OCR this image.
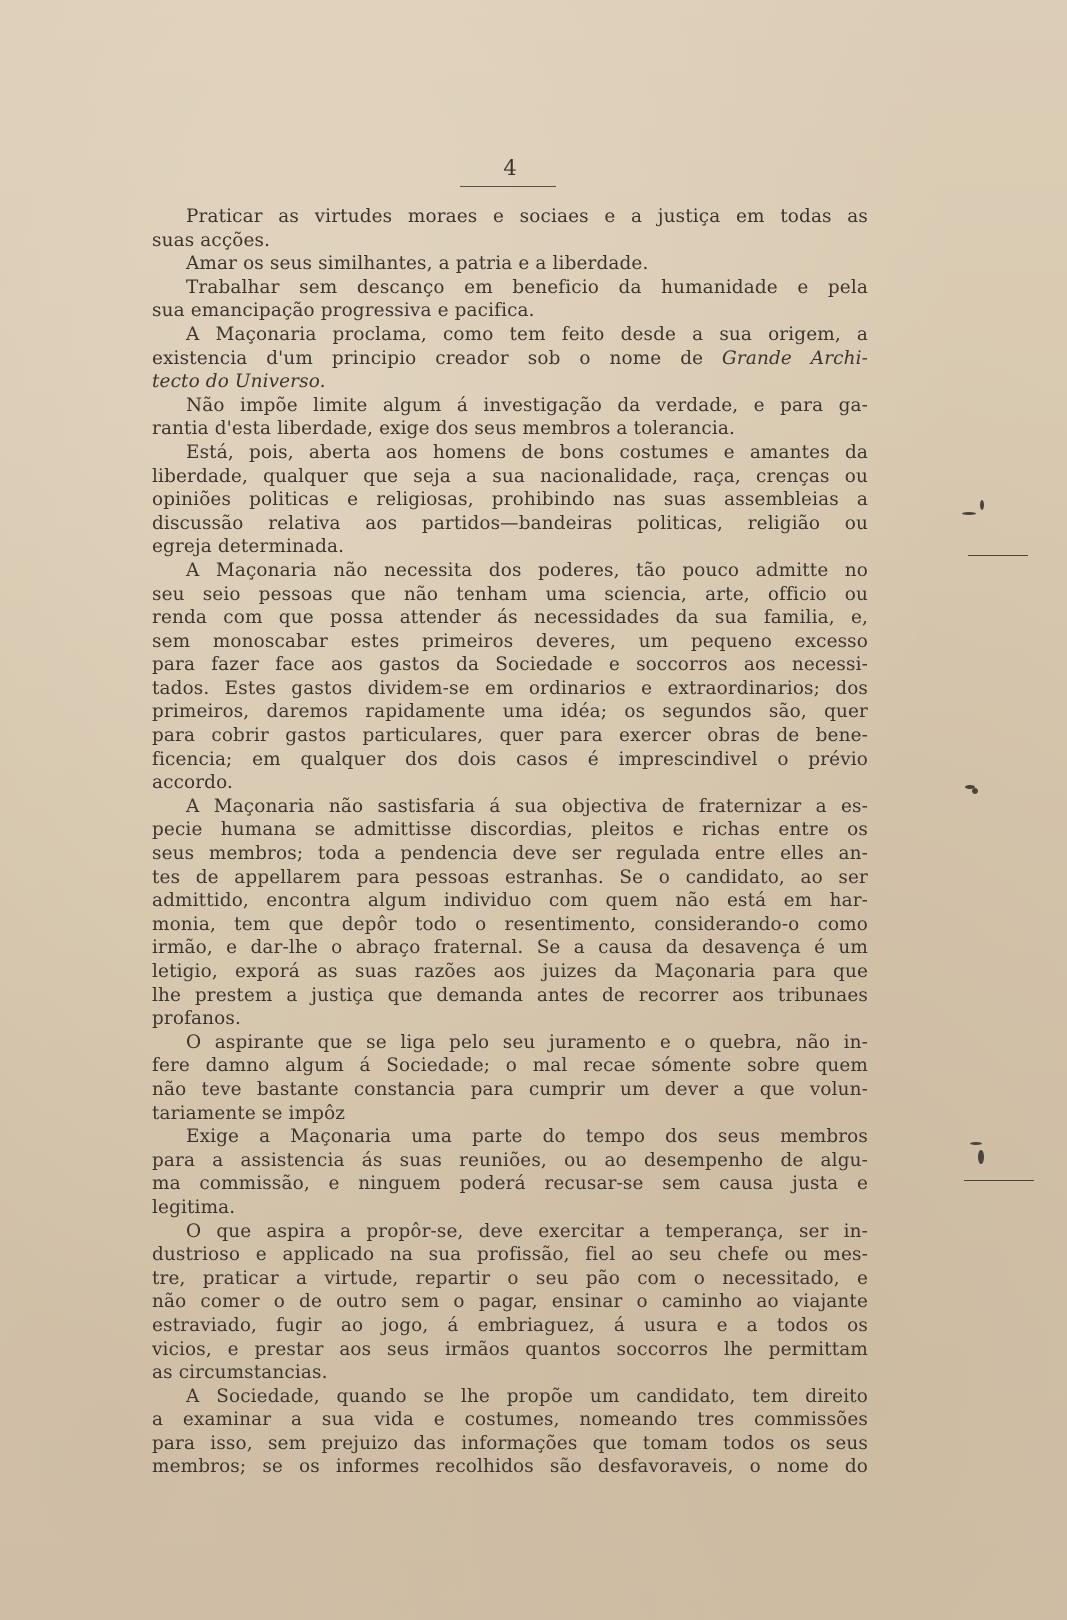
4
Praticar as virtudes moraes e sociaes e a justiça em todas as
suas acções.
Amar os seus similhantes, a patria e a liberdade.
Trabalhar sem descanço em beneficio da humanidade e pela
sua emancipação progressiva e pacifica.
A Maçonaria proclama, como tem feito desde a sua origem, a
existencia d'um principio creador sob o nome de Grande Archi-
tecto do Universo.
Não impõe limite algum á investigação da verdade, e para ga-
rantia d'esta liberdade, exige dos seus membros a tolerancia.
Está, pois, aberta aos homens de bons costumes e amantes da
liberdade, qualquer que seja a sua nacionalidade, raça, crenças ou
opiniões politicas e religiosas, prohibindo nas suas assembleias a
discussão relativa aos partidos—bandeiras politicas, religião ou
egreja determinada.
A Maçonaria não necessita dos poderes, tão pouco admitte no
seu seio pessoas que não tenham uma sciencia, arte, officio ou
renda com que possa attender ás necessidades da sua familia, e,
sem monoscabar estes primeiros deveres, um pequeno excesso
para fazer face aos gastos da Sociedade e soccorros aos necessi-
tados. Estes gastos dividem-se em ordinarios e extraordinarios; dos
primeiros, daremos rapidamente uma idéa; os segundos são, quer
para cobrir gastos particulares, quer para exercer obras de bene-
ficencia; em qualquer dos dois casos é imprescindivel o prévio
accordo.
A Maçonaria não sastisfaria á sua objectiva de fraternizar a es-
pecie humana se admittisse discordias, pleitos e richas entre os
seus membros; toda a pendencia deve ser regulada entre elles an-
tes de appellarem para pessoas estranhas. Se o candidato, ao ser
admittido, encontra algum individuo com quem não está em har-
monia, tem que depôr todo o resentimento, considerando-o como
irmão, e dar-lhe o abraço fraternal. Se a causa da desavença é um
letigio, exporá as suas razões aos juizes da Maçonaria para que
lhe prestem a justiça que demanda antes de recorrer aos tribunaes
profanos.
O aspirante que se liga pelo seu juramento e o quebra, não in-
fere damno algum á Sociedade; o mal recae sómente sobre quem
não teve bastante constancia para cumprir um dever a que volun-
tariamente se impôz
Exige a Maçonaria uma parte do tempo dos seus membros
para a assistencia ás suas reuniões, ou ao desempenho de algu-
ma commissão, e ninguem poderá recusar-se sem causa justa e
legitima.
O que aspira a propôr-se, deve exercitar a temperança, ser in-
dustrioso e applicado na sua profissão, fiel ao seu chefe ou mes-
tre, praticar a virtude, repartir o seu pão com o necessitado, e
não comer o de outro sem o pagar, ensinar o caminho ao viajante
estraviado, fugir ao jogo, á embriaguez, á usura e a todos os
vicios, e prestar aos seus irmãos quantos soccorros lhe permittam
as circumstancias.
A Sociedade, quando se lhe propõe um candidato, tem direito
a examinar a sua vida e costumes, nomeando tres commissões
para isso, sem prejuizo das informações que tomam todos os seus
membros; se os informes recolhidos são desfavoraveis, o nome do
